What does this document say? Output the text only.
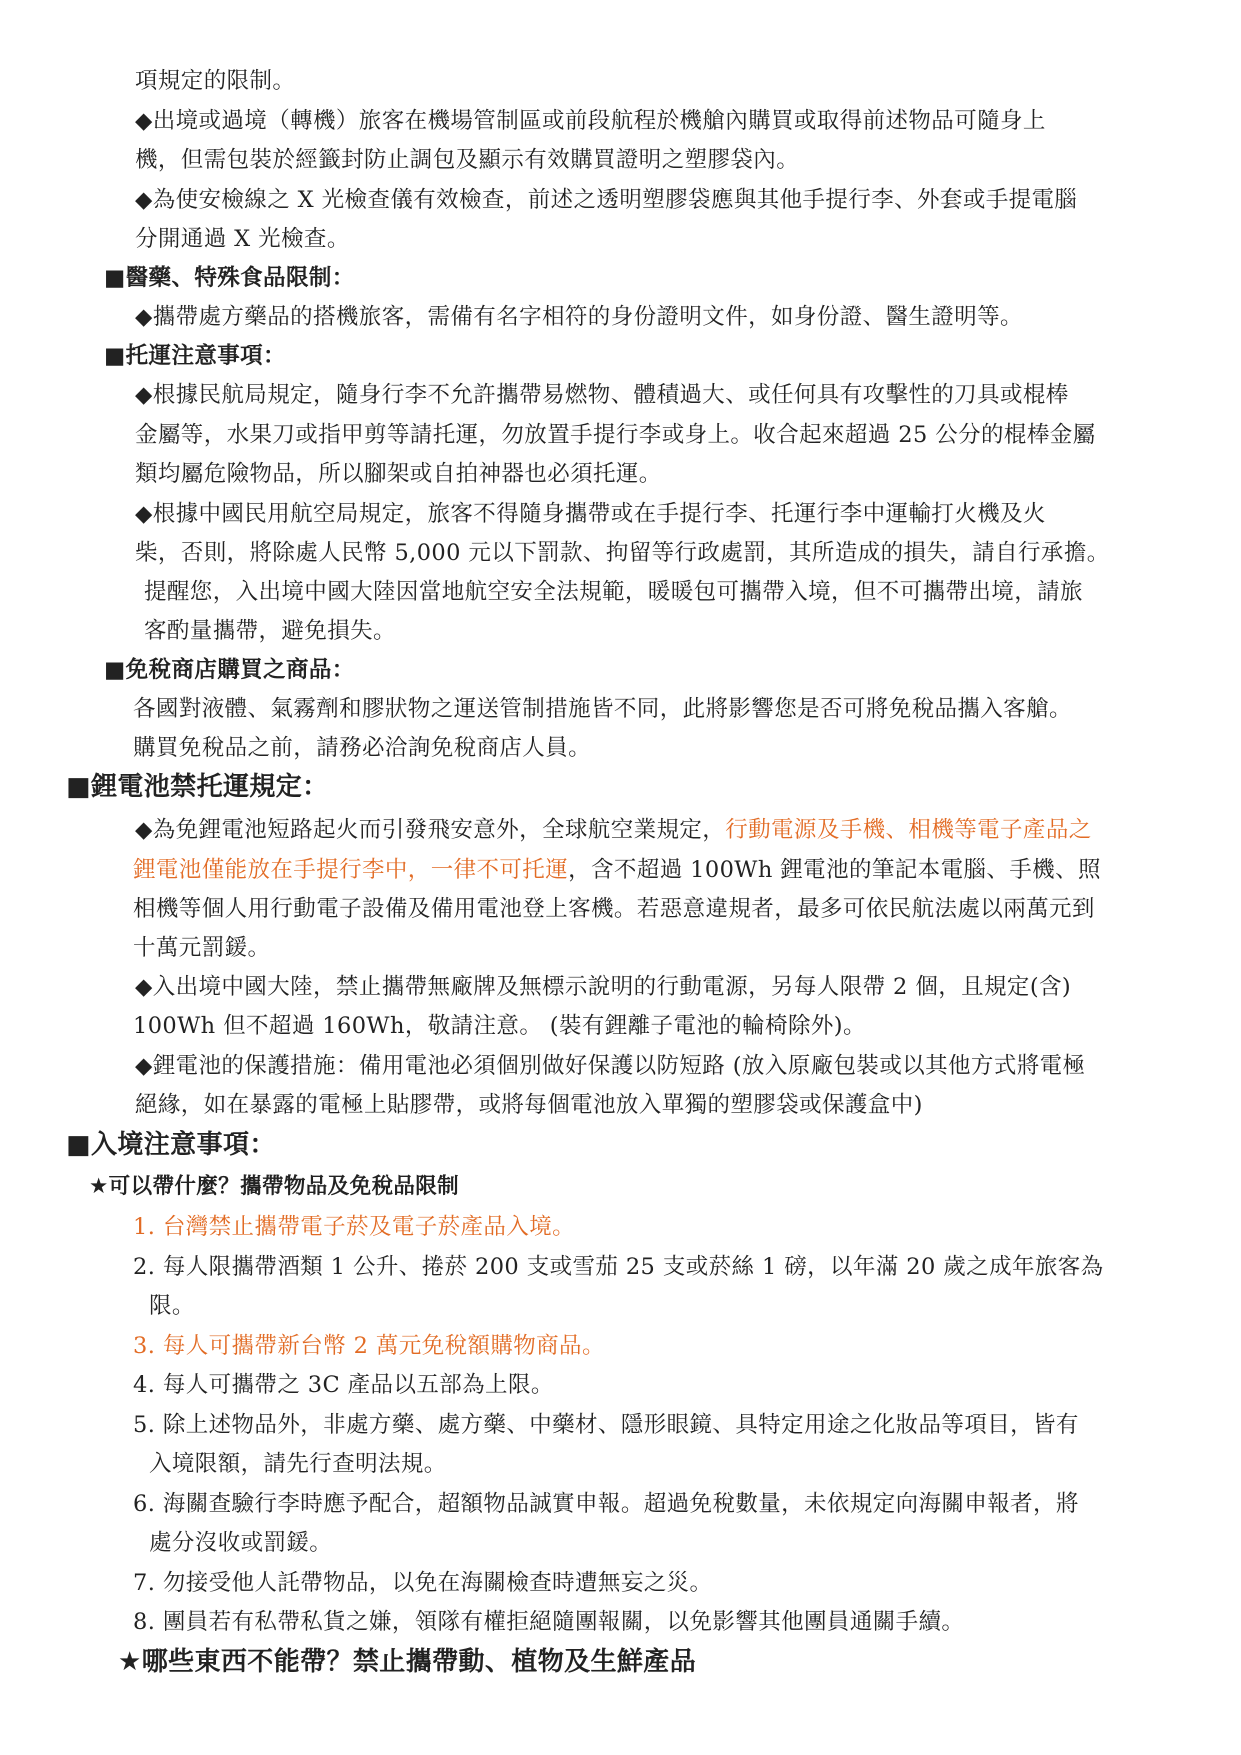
項規定的限制。
◆出境或過境（轉機）旅客在機場管制區或前段航程於機艙內購買或取得前述物品可隨身上
機，但需包裝於經籤封防止調包及顯示有效購買證明之塑膠袋內。
◆為使安檢線之 X 光檢查儀有效檢查，前述之透明塑膠袋應與其他手提行李、外套或手提電腦
分開通過 X 光檢查。
■醫藥、特殊食品限制：
◆攜帶處方藥品的搭機旅客，需備有名字相符的身份證明文件，如身份證、醫生證明等。
■托運注意事項：
◆根據民航局規定，隨身行李不允許攜帶易燃物、體積過大、或任何具有攻擊性的刀具或棍棒
金屬等，水果刀或指甲剪等請托運，勿放置手提行李或身上。收合起來超過 25 公分的棍棒金屬
類均屬危險物品，所以腳架或自拍神器也必須托運。
◆根據中國民用航空局規定，旅客不得隨身攜帶或在手提行李、托運行李中運輸打火機及火
柴，否則，將除處人民幣 5,000 元以下罰款、拘留等行政處罰，其所造成的損失，請自行承擔。
提醒您，入出境中國大陸因當地航空安全法規範，暖暖包可攜帶入境，但不可攜帶出境，請旅
客酌量攜帶，避免損失。
■免稅商店購買之商品：
各國對液體、氣霧劑和膠狀物之運送管制措施皆不同，此將影響您是否可將免稅品攜入客艙。
購買免稅品之前，請務必洽詢免稅商店人員。
■鋰電池禁托運規定：
◆為免鋰電池短路起火而引發飛安意外，全球航空業規定，行動電源及手機、相機等電子產品之
鋰電池僅能放在手提行李中，一律不可托運，含不超過 100Wh 鋰電池的筆記本電腦、手機、照
相機等個人用行動電子設備及備用電池登上客機。若惡意違規者，最多可依民航法處以兩萬元到
十萬元罰鍰。
◆入出境中國大陸，禁止攜帶無廠牌及無標示說明的行動電源，另每人限帶 2 個，且規定(含)
100Wh 但不超過 160Wh，敬請注意。 (裝有鋰離子電池的輪椅除外)。
◆鋰電池的保護措施：備用電池必須個別做好保護以防短路 (放入原廠包裝或以其他方式將電極
絕緣，如在暴露的電極上貼膠帶，或將每個電池放入單獨的塑膠袋或保護盒中)
■入境注意事項：
★可以帶什麼？攜帶物品及免稅品限制
1. 台灣禁止攜帶電子菸及電子菸產品入境。
2. 每人限攜帶酒類 1 公升、捲菸 200 支或雪茄 25 支或菸絲 1 磅，以年滿 20 歲之成年旅客為
限。
3. 每人可攜帶新台幣 2 萬元免稅額購物商品。
4. 每人可攜帶之 3C 產品以五部為上限。
5. 除上述物品外，非處方藥、處方藥、中藥材、隱形眼鏡、具特定用途之化妝品等項目，皆有
入境限額，請先行查明法規。
6. 海關查驗行李時應予配合，超額物品誠實申報。超過免稅數量，未依規定向海關申報者，將
處分沒收或罰鍰。
7. 勿接受他人託帶物品，以免在海關檢查時遭無妄之災。
8. 團員若有私帶私貨之嫌，領隊有權拒絕隨團報關，以免影響其他團員通關手續。
★哪些東西不能帶？禁止攜帶動、植物及生鮮產品
